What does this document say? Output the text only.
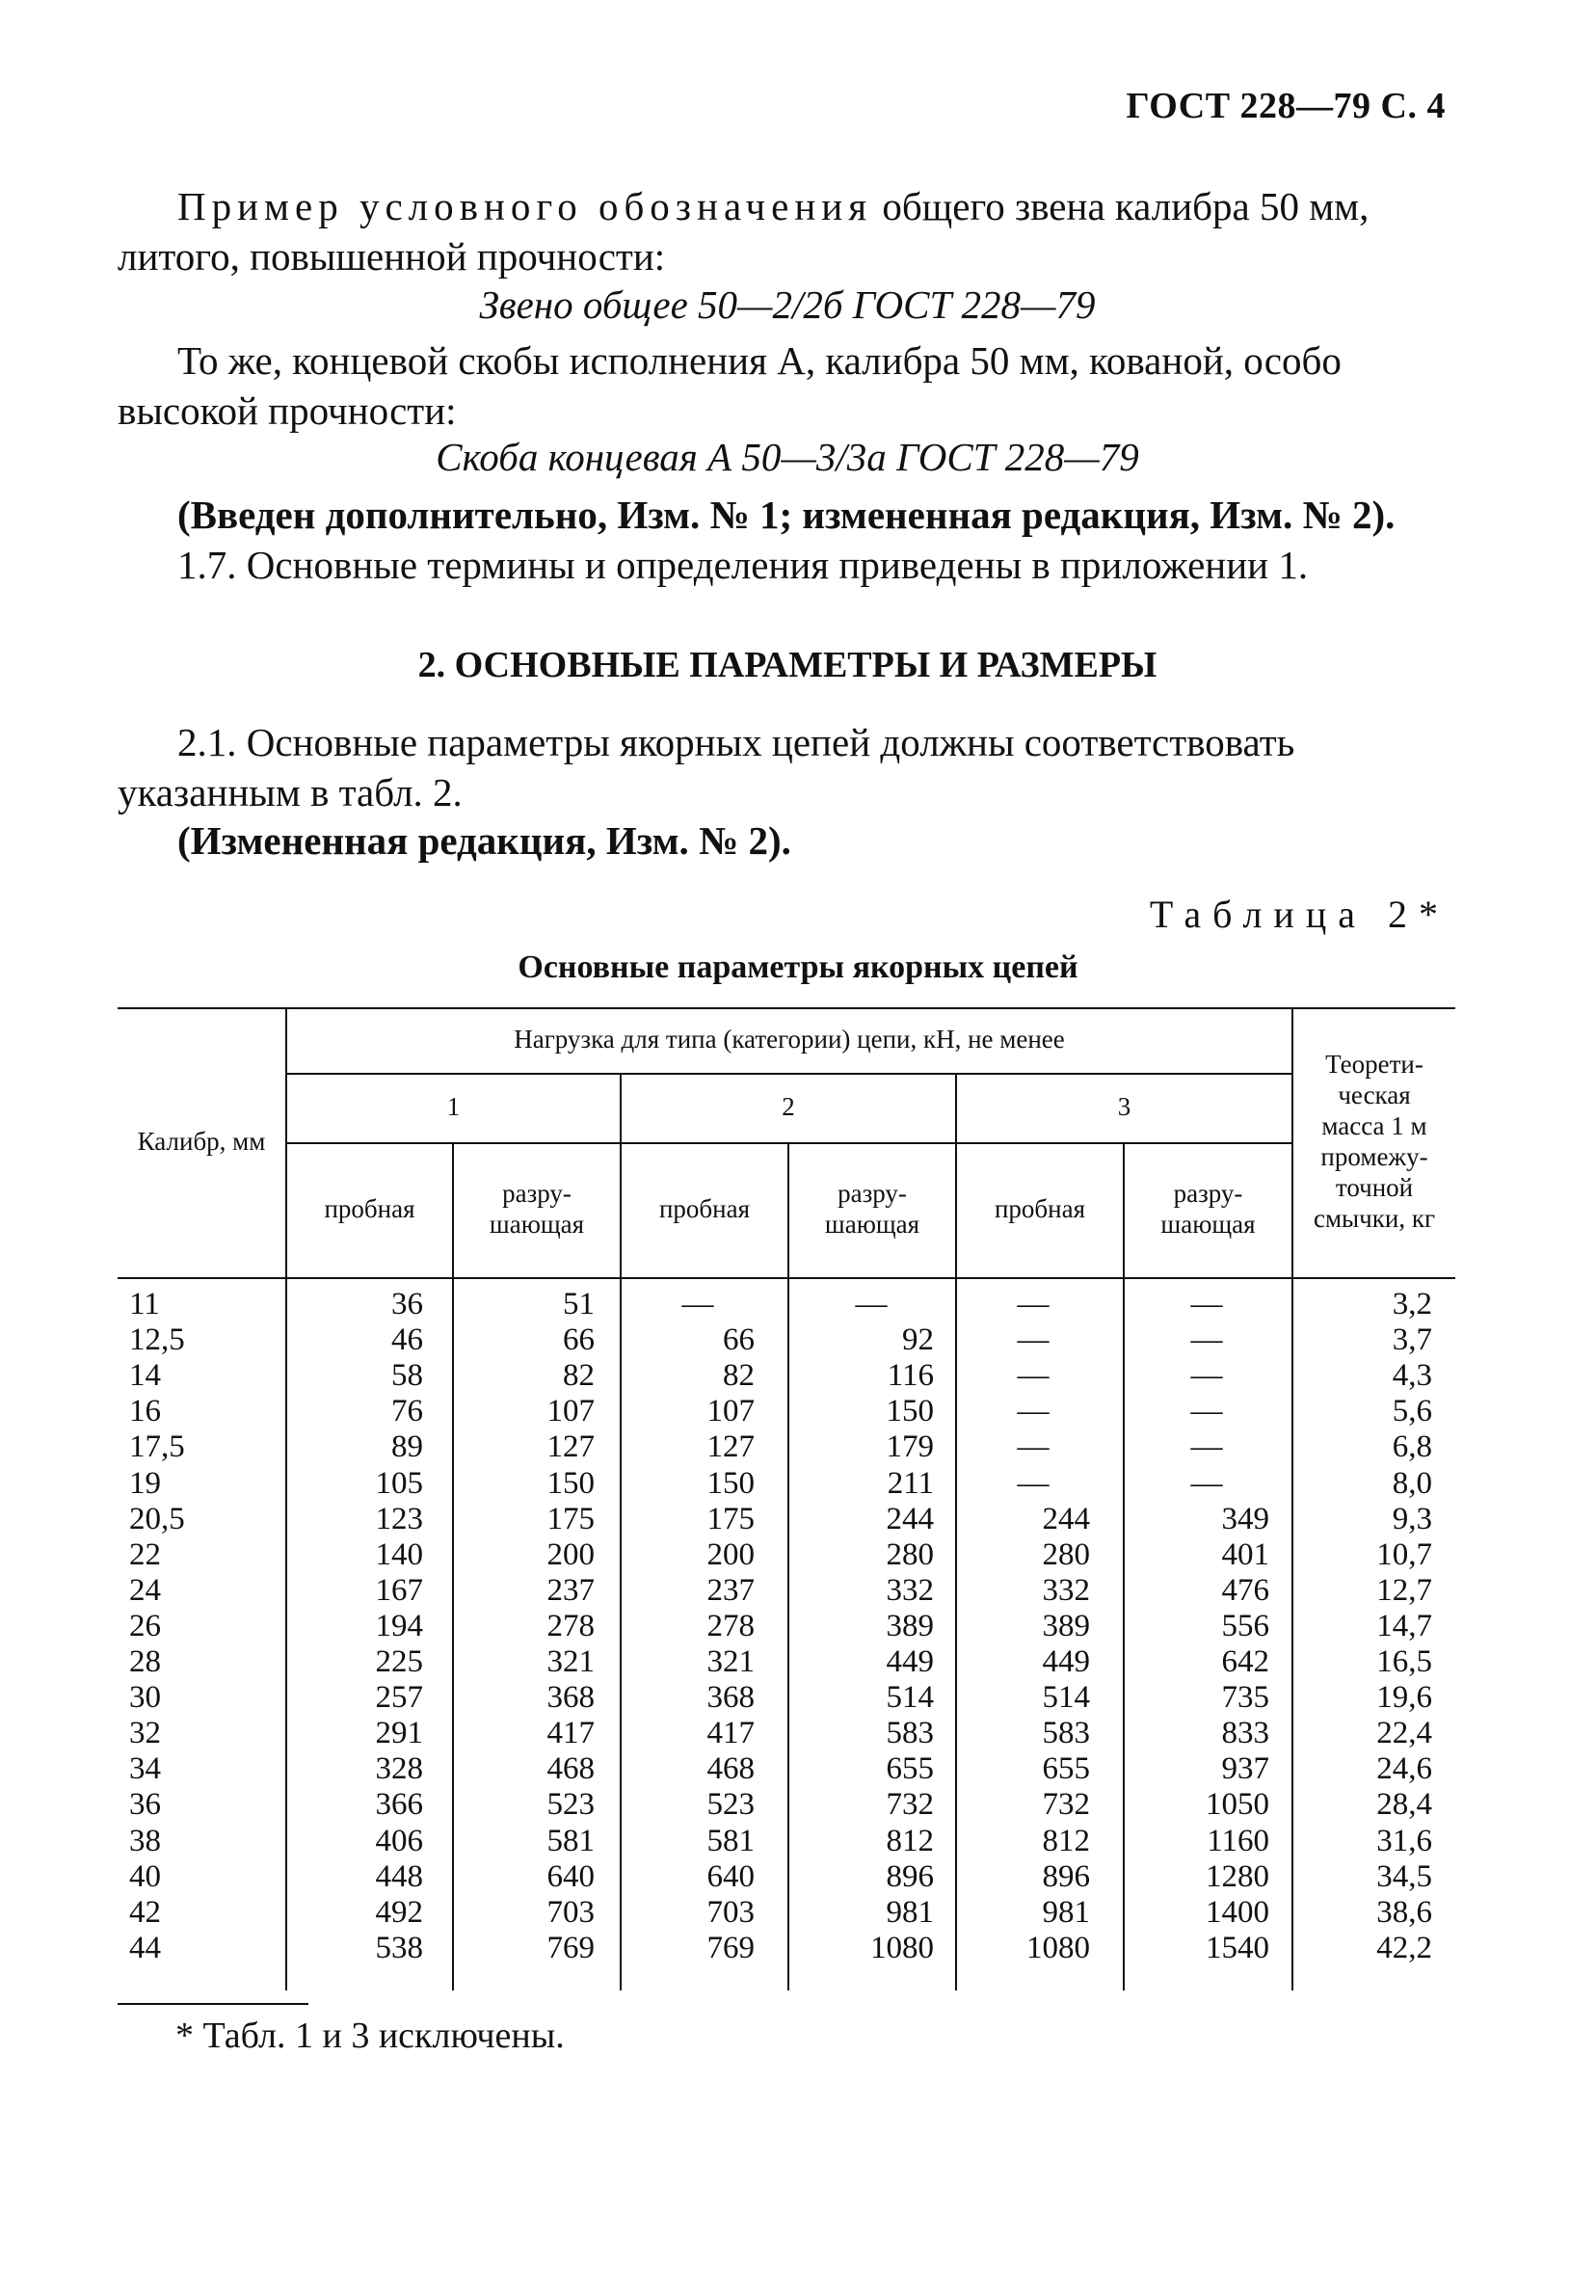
ГОСТ 228—79 С. 4
Пример условного обозначения общего звена калибра 50 мм, литого, повышенной прочности:
Звено общее 50—2/2б ГОСТ 228—79
То же, концевой скобы исполнения А, калибра 50 мм, кованой, особо высокой прочности:
Скоба концевая А 50—3/3а ГОСТ 228—79
(Введен дополнительно, Изм. № 1; измененная редакция, Изм. № 2).
1.7. Основные термины и определения приведены в приложении 1.
2. ОСНОВНЫЕ ПАРАМЕТРЫ И РАЗМЕРЫ
2.1. Основные параметры якорных цепей должны соответствовать указанным в табл. 2.
(Измененная редакция, Изм. № 2).
Таблица 2*
Основные параметры якорных цепей
Калибр, мм
Нагрузка для типа (категории) цепи, кН, не менее
1	2	3
пробная
разру-шающая
пробная
разру-шающая
пробная
разру-шающая
Теорети-ческая масса 1 м промежу-точной смычки, кг
11	36	51	—	—	—	—	3,2
12,5	46	66	66	92	—	—	3,7
14	58	82	82	116	—	—	4,3
16	76	107	107	150	—	—	5,6
17,5	89	127	127	179	—	—	6,8
19	105	150	150	211	—	—	8,0
20,5	123	175	175	244	244	349	9,3
22	140	200	200	280	280	401	10,7
24	167	237	237	332	332	476	12,7
26	194	278	278	389	389	556	14,7
28	225	321	321	449	449	642	16,5
30	257	368	368	514	514	735	19,6
32	291	417	417	583	583	833	22,4
34	328	468	468	655	655	937	24,6
36	366	523	523	732	732	1050	28,4
38	406	581	581	812	812	1160	31,6
40	448	640	640	896	896	1280	34,5
42	492	703	703	981	981	1400	38,6
44	538	769	769	1080	1080	1540	42,2
* Табл. 1 и 3 исключены.
